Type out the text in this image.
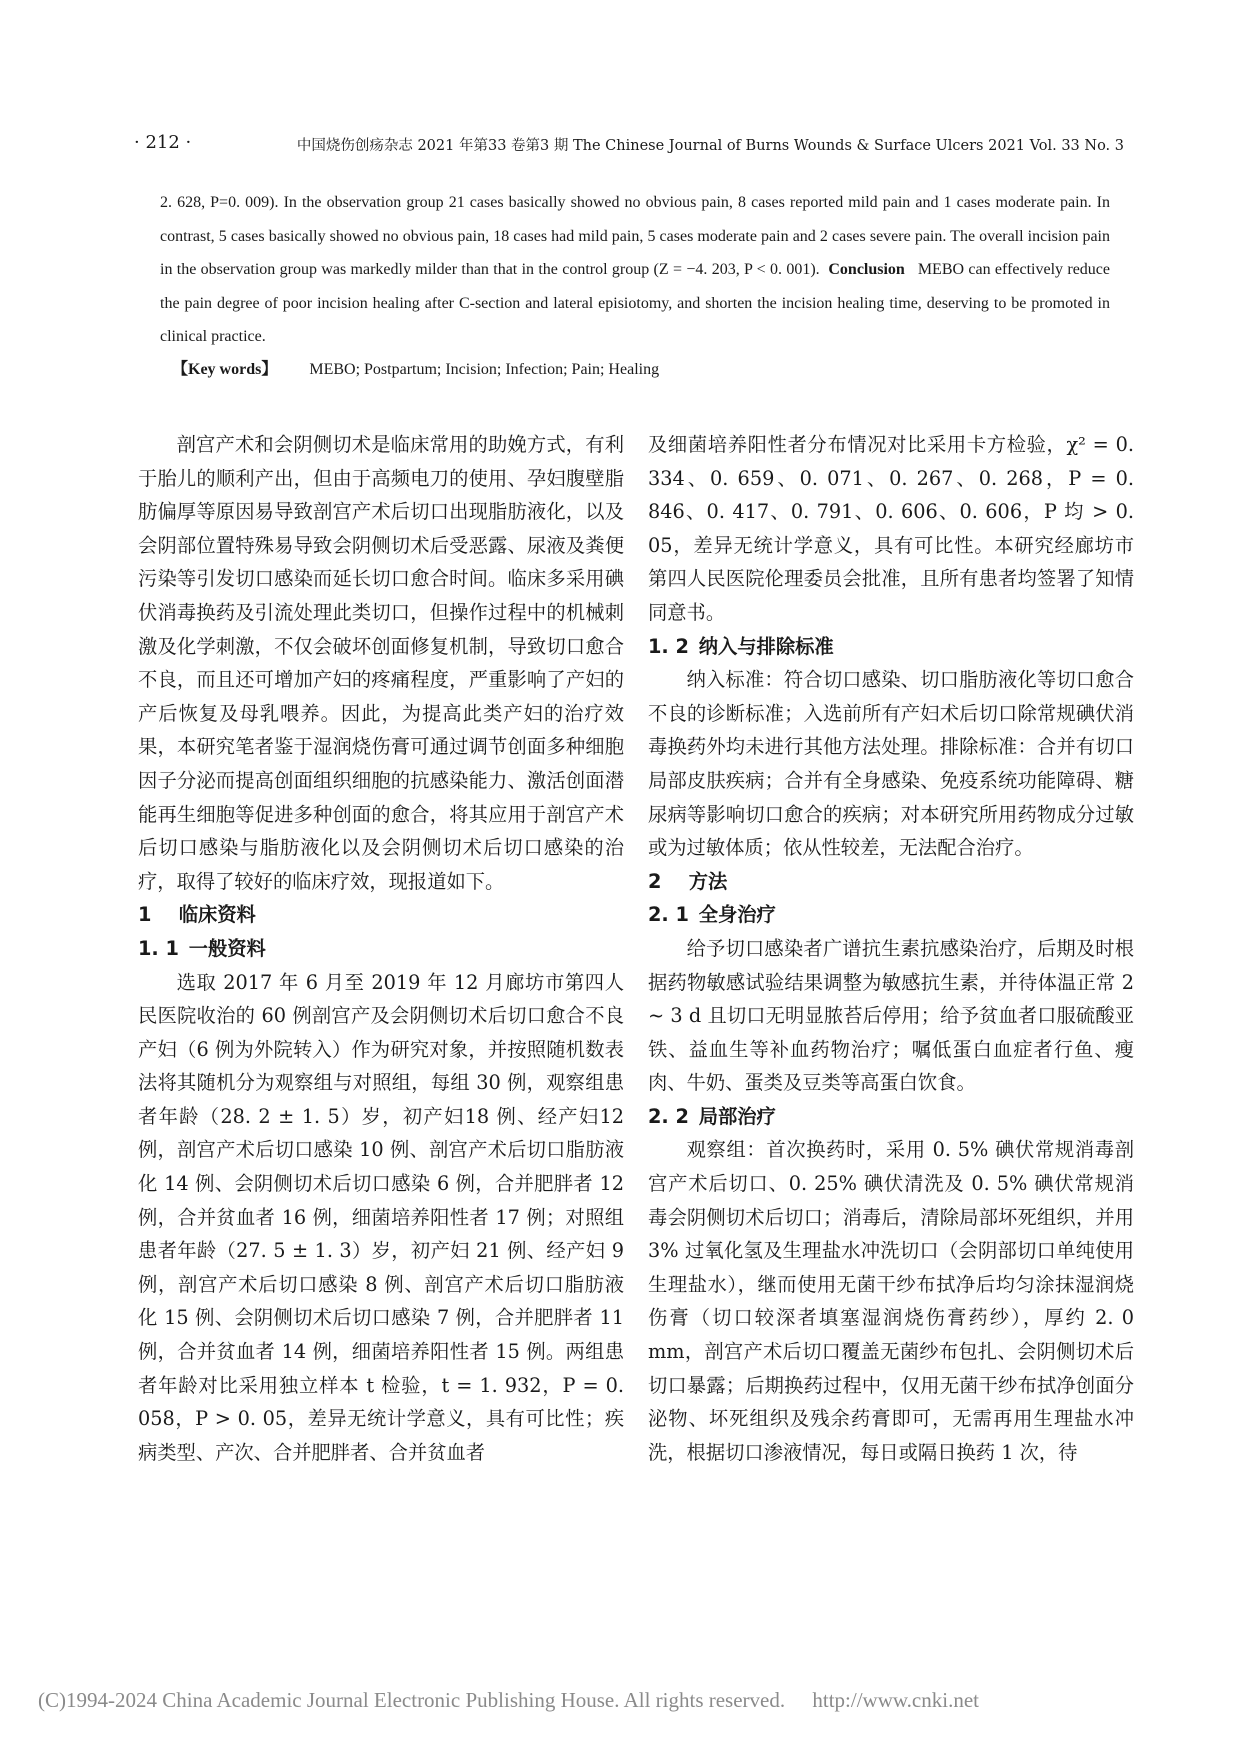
· 212 ·	中国烧伤创疡杂志 2021 年第33 卷第3 期 The Chinese Journal of Burns Wounds & Surface Ulcers 2021 Vol. 33 No. 3
2. 628, P=0. 009). In the observation group 21 cases basically showed no obvious pain, 8 cases reported mild pain and 1 cases moderate pain. In contrast, 5 cases basically showed no obvious pain, 18 cases had mild pain, 5 cases moderate pain and 2 cases severe pain. The overall incision pain in the observation group was markedly milder than that in the control group (Z = −4. 203, P < 0. 001). Conclusion MEBO can effectively reduce the pain degree of poor incision healing after C-section and lateral episiotomy, and shorten the incision healing time, deserving to be promoted in clinical practice.
【Key words】 MEBO; Postpartum; Incision; Infection; Pain; Healing

剖宫产术和会阴侧切术是临床常用的助娩方式，有利于胎儿的顺利产出，但由于高频电刀的使用、孕妇腹壁脂肪偏厚等原因易导致剖宫产术后切口出现脂肪液化，以及会阴部位置特殊易导致会阴侧切术后受恶露、尿液及粪便污染等引发切口感染而延长切口愈合时间。临床多采用碘伏消毒换药及引流处理此类切口，但操作过程中的机械刺激及化学刺激，不仅会破坏创面修复机制，导致切口愈合不良，而且还可增加产妇的疼痛程度，严重影响了产妇的产后恢复及母乳喂养。因此，为提高此类产妇的治疗效果，本研究笔者鉴于湿润烧伤膏可通过调节创面多种细胞因子分泌而提高创面组织细胞的抗感染能力、激活创面潜能再生细胞等促进多种创面的愈合，将其应用于剖宫产术后切口感染与脂肪液化以及会阴侧切术后切口感染的治疗，取得了较好的临床疗效，现报道如下。

1 临床资料
1. 1 一般资料

选取 2017 年 6 月至 2019 年 12 月廊坊市第四人民医院收治的 60 例剖宫产及会阴侧切术后切口愈合不良产妇（6 例为外院转入）作为研究对象，并按照随机数表法将其随机分为观察组与对照组，每组 30 例，观察组患者年龄（28. 2 ± 1. 5）岁，初产妇18 例、经产妇12 例，剖宫产术后切口感染 10 例、剖宫产术后切口脂肪液化 14 例、会阴侧切术后切口感染 6 例，合并肥胖者 12 例，合并贫血者 16 例，细菌培养阳性者 17 例；对照组患者年龄（27. 5 ± 1. 3）岁，初产妇 21 例、经产妇 9 例，剖宫产术后切口感染 8 例、剖宫产术后切口脂肪液化 15 例、会阴侧切术后切口感染 7 例，合并肥胖者 11 例，合并贫血者 14 例，细菌培养阳性者 15 例。两组患者年龄对比采用独立样本 t 检验，t = 1. 932，P = 0. 058，P > 0. 05，差异无统计学意义，具有可比性；疾病类型、产次、合并肥胖者、合并贫血者

及细菌培养阳性者分布情况对比采用卡方检验，χ² = 0. 334、0. 659、0. 071、0. 267、0. 268，P = 0. 846、0. 417、0. 791、0. 606、0. 606，P 均 > 0. 05，差异无统计学意义，具有可比性。本研究经廊坊市第四人民医院伦理委员会批准，且所有患者均签署了知情同意书。

1. 2 纳入与排除标准

纳入标准：符合切口感染、切口脂肪液化等切口愈合不良的诊断标准；入选前所有产妇术后切口除常规碘伏消毒换药外均未进行其他方法处理。排除标准：合并有切口局部皮肤疾病；合并有全身感染、免疫系统功能障碍、糖尿病等影响切口愈合的疾病；对本研究所用药物成分过敏或为过敏体质；依从性较差，无法配合治疗。

2 方法
2. 1 全身治疗

给予切口感染者广谱抗生素抗感染治疗，后期及时根据药物敏感试验结果调整为敏感抗生素，并待体温正常 2 ~ 3 d 且切口无明显脓苔后停用；给予贫血者口服硫酸亚铁、益血生等补血药物治疗；嘱低蛋白血症者行鱼、瘦肉、牛奶、蛋类及豆类等高蛋白饮食。

2. 2 局部治疗

观察组：首次换药时，采用 0. 5% 碘伏常规消毒剖宫产术后切口、0. 25% 碘伏清洗及 0. 5% 碘伏常规消毒会阴侧切术后切口；消毒后，清除局部坏死组织，并用 3% 过氧化氢及生理盐水冲洗切口（会阴部切口单纯使用生理盐水），继而使用无菌干纱布拭净后均匀涂抹湿润烧伤膏（切口较深者填塞湿润烧伤膏药纱），厚约 2. 0 mm，剖宫产术后切口覆盖无菌纱布包扎、会阴侧切术后切口暴露；后期换药过程中，仅用无菌干纱布拭净创面分泌物、坏死组织及残余药膏即可，无需再用生理盐水冲洗，根据切口渗液情况，每日或隔日换药 1 次，待

(C)1994-2024 China Academic Journal Electronic Publishing House. All rights reserved. http://www.cnki.net
